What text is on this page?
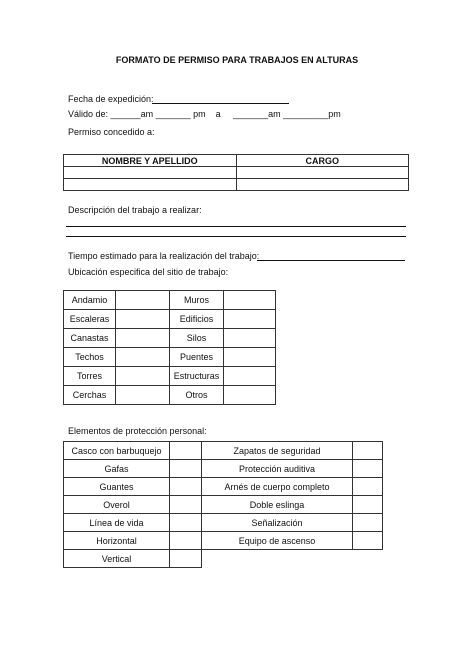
FORMATO DE PERMISO PARA TRABAJOS EN ALTURAS
Fecha de expedición:
Válido de: ______am _______ pm    a     _______am _________pm
Permiso concedido a:
NOMBRE Y APELLIDO	CARGO

Descripción del trabajo a realizar:
Tiempo estimado para la realización del trabajo:
Ubicación especifica del sitio de trabajo:
Andamio		Muros	
Escaleras		Edificios	
Canastas		Silos	
Techos		Puentes	
Torres		Estructuras	
Cerchas		Otros	
Elementos de protección personal:
Casco con barbuquejo		Zapatos de seguridad	
Gafas		Protección auditiva	
Guantes		Arnés de cuerpo completo	
Overol		Doble eslinga	
Línea de vida		Señalización	
Horizontal		Equipo de ascenso	
Vertical			
